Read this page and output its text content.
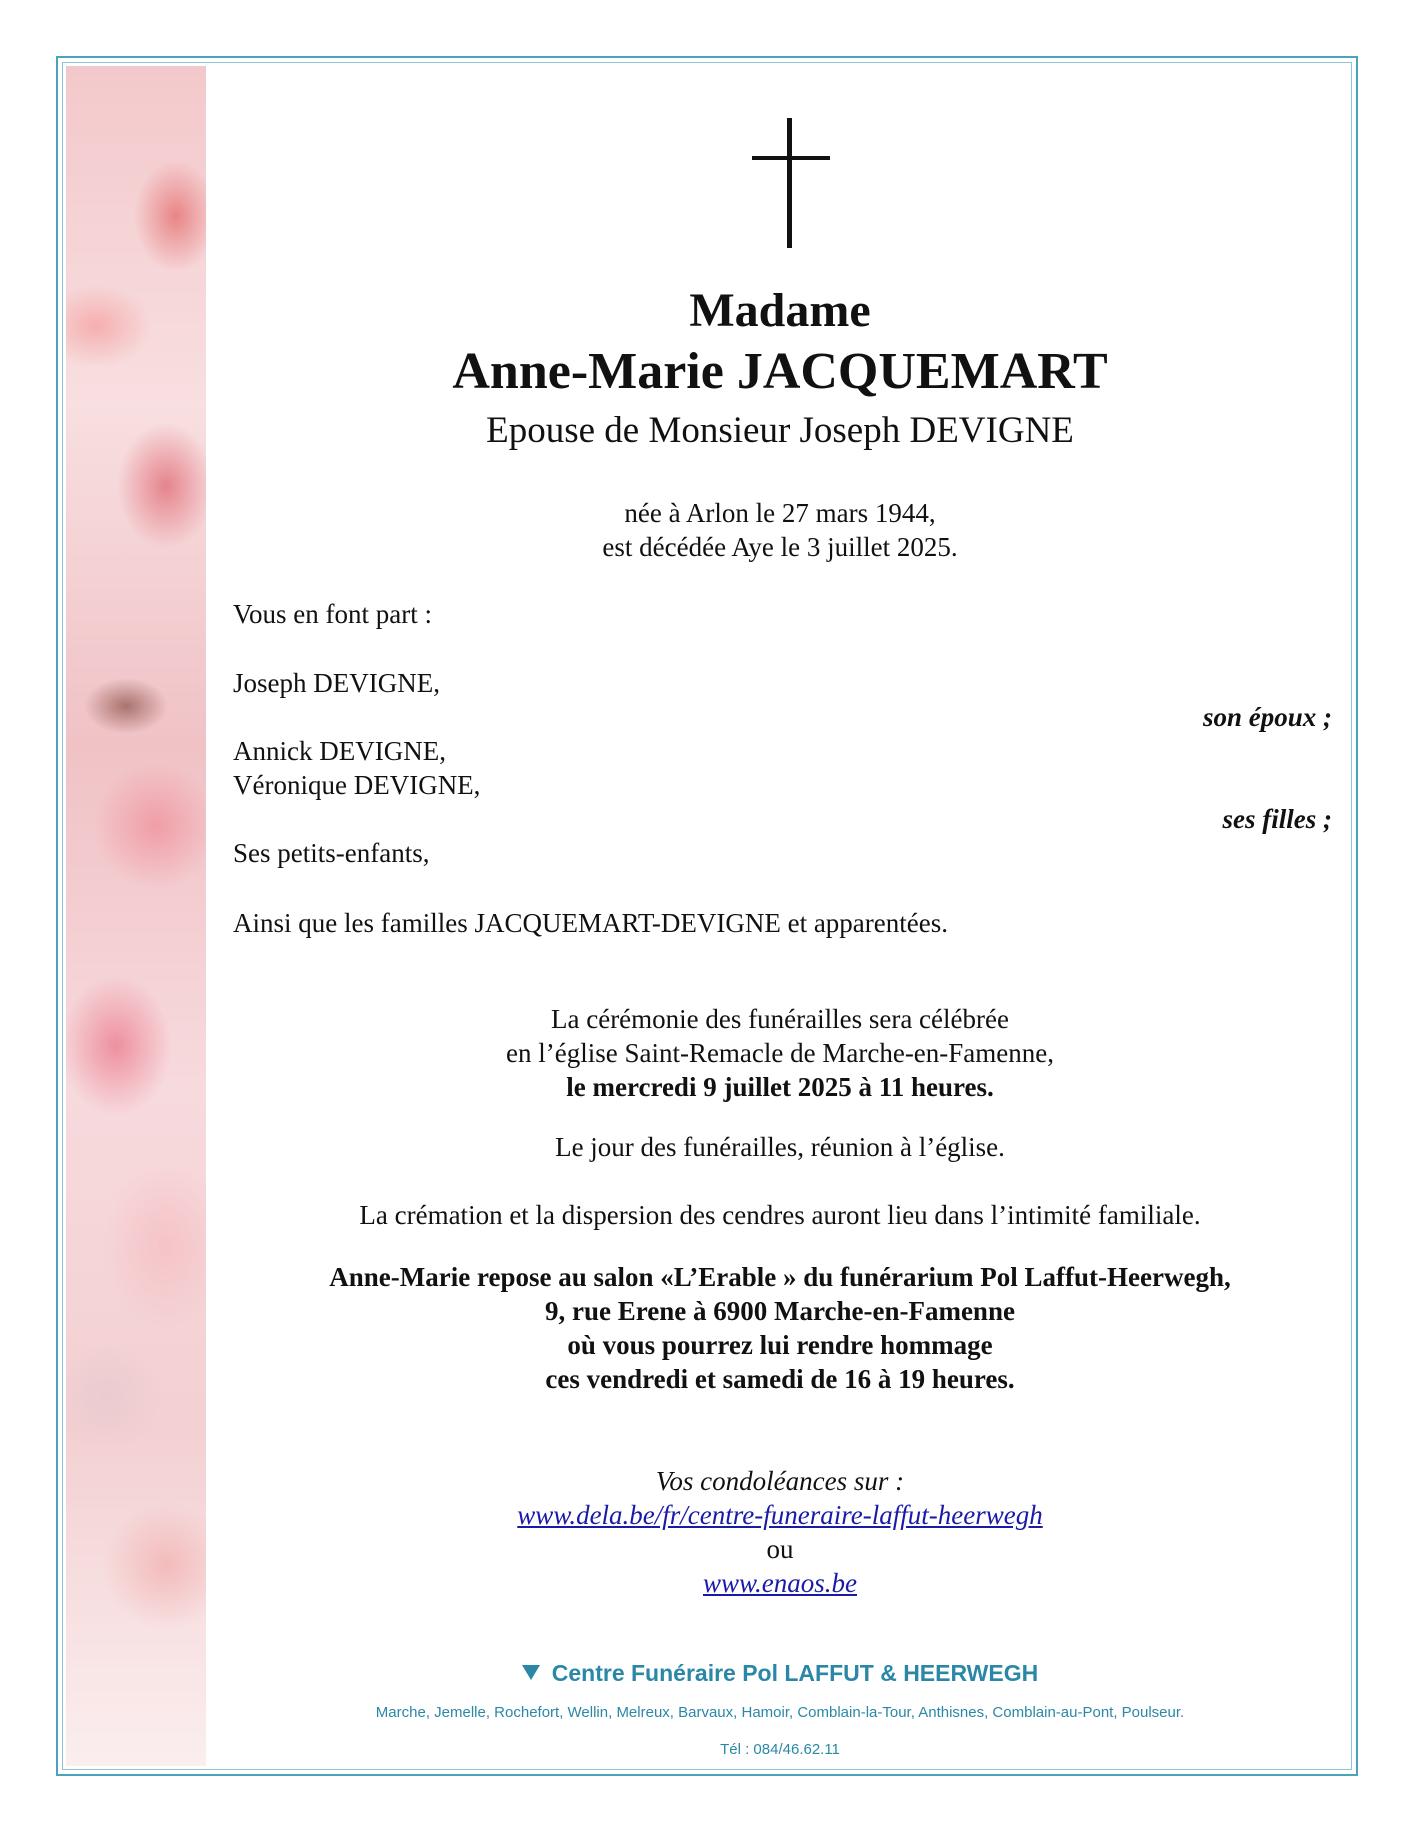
Madame
Anne-Marie JACQUEMART
Epouse de Monsieur Joseph DEVIGNE
née à Arlon le 27 mars 1944,
est décédée Aye le 3 juillet 2025.
Vous en font part :
Joseph DEVIGNE,
son époux ;
Annick DEVIGNE,
Véronique DEVIGNE,
ses filles ;
Ses petits-enfants,
Ainsi que les familles JACQUEMART-DEVIGNE et apparentées.
La cérémonie des funérailles sera célébrée
en l’église Saint-Remacle de Marche-en-Famenne,
le mercredi 9 juillet 2025 à 11 heures.
Le jour des funérailles, réunion à l’église.
La crémation et la dispersion des cendres auront lieu dans l’intimité familiale.
Anne-Marie repose au salon «L’Erable » du funérarium Pol Laffut-Heerwegh,
9, rue Erene à 6900 Marche-en-Famenne
où vous pourrez lui rendre hommage
ces vendredi et samedi de 16 à 19 heures.
Vos condoléances sur :
www.dela.be/fr/centre-funeraire-laffut-heerwegh
ou
www.enaos.be
Centre Funéraire Pol LAFFUT & HEERWEGH
Marche, Jemelle, Rochefort, Wellin, Melreux, Barvaux, Hamoir, Comblain-la-Tour, Anthisnes, Comblain-au-Pont, Poulseur.
Tél : 084/46.62.11
